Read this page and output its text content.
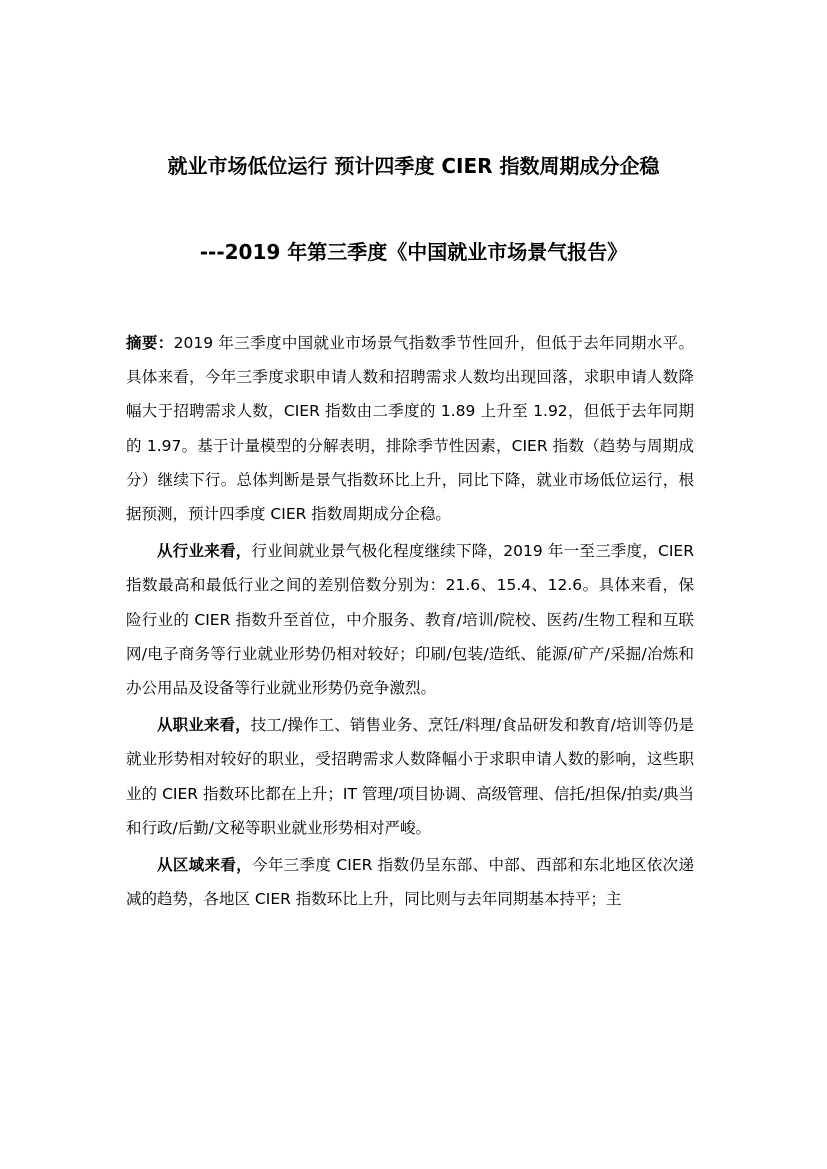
就业市场低位运行 预计四季度 CIER 指数周期成分企稳
---2019 年第三季度《中国就业市场景气报告》

摘要：2019 年三季度中国就业市场景气指数季节性回升，但低于去年同期水平。具体来看，今年三季度求职申请人数和招聘需求人数均出现回落，求职申请人数降幅大于招聘需求人数，CIER 指数由二季度的 1.89 上升至 1.92，但低于去年同期的 1.97。基于计量模型的分解表明，排除季节性因素，CIER 指数（趋势与周期成分）继续下行。总体判断是景气指数环比上升，同比下降，就业市场低位运行，根据预测，预计四季度 CIER 指数周期成分企稳。

从行业来看，行业间就业景气极化程度继续下降，2019 年一至三季度，CIER 指数最高和最低行业之间的差别倍数分别为：21.6、15.4、12.6。具体来看，保险行业的 CIER 指数升至首位，中介服务、教育/培训/院校、医药/生物工程和互联网/电子商务等行业就业形势仍相对较好；印刷/包装/造纸、能源/矿产/采掘/冶炼和办公用品及设备等行业就业形势仍竞争激烈。

从职业来看，技工/操作工、销售业务、烹饪/料理/食品研发和教育/培训等仍是就业形势相对较好的职业，受招聘需求人数降幅小于求职申请人数的影响，这些职业的 CIER 指数环比都在上升；IT 管理/项目协调、高级管理、信托/担保/拍卖/典当和行政/后勤/文秘等职业就业形势相对严峻。

从区域来看，今年三季度 CIER 指数仍呈东部、中部、西部和东北地区依次递减的趋势，各地区 CIER 指数环比上升，同比则与去年同期基本持平；主
